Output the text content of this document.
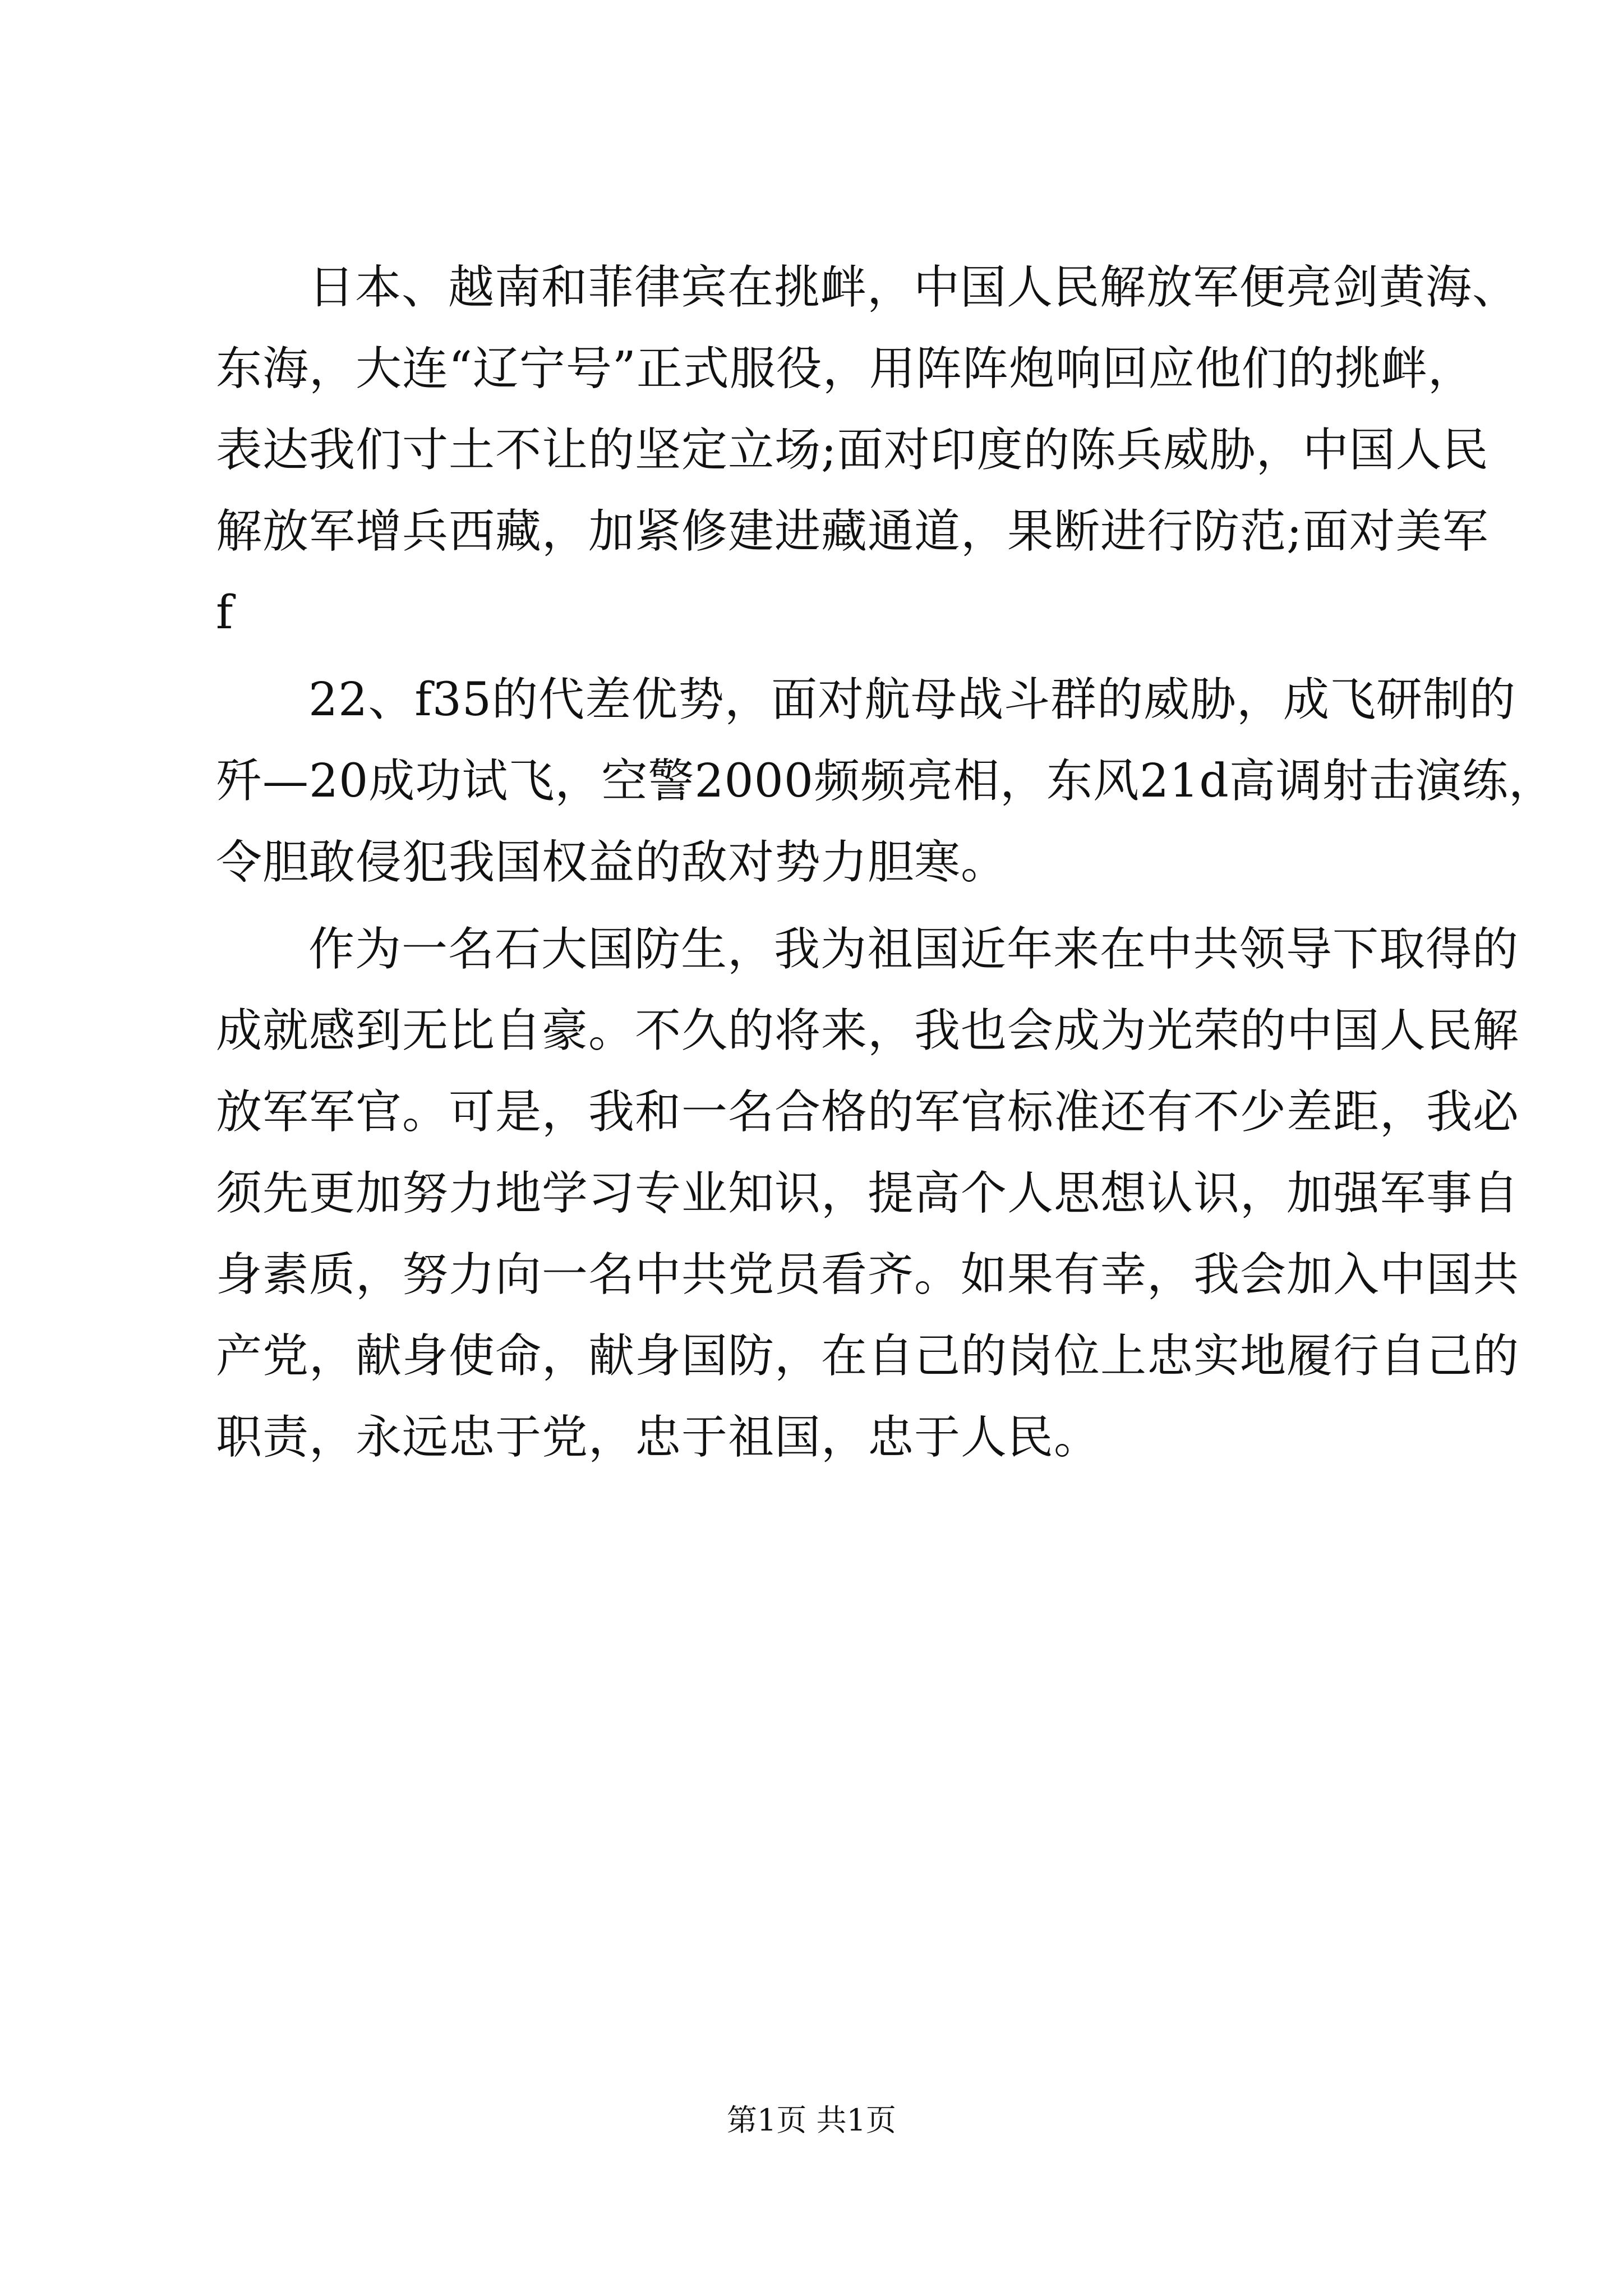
日本、越南和菲律宾在挑衅，中国人民解放军便亮剑黄海、
东海，大连“辽宁号”正式服役，用阵阵炮响回应他们的挑衅，
表达我们寸土不让的坚定立场;面对印度的陈兵威胁，中国人民
解放军增兵西藏，加紧修建进藏通道，果断进行防范;面对美军
f
22、f35的代差优势，面对航母战斗群的威胁，成飞研制的
歼—20成功试飞，空警2000频频亮相，东风21d高调射击演练，
令胆敢侵犯我国权益的敌对势力胆寒。
作为一名石大国防生，我为祖国近年来在中共领导下取得的
成就感到无比自豪。不久的将来，我也会成为光荣的中国人民解
放军军官。可是，我和一名合格的军官标准还有不少差距，我必
须先更加努力地学习专业知识，提高个人思想认识，加强军事自
身素质，努力向一名中共党员看齐。如果有幸，我会加入中国共
产党，献身使命，献身国防，在自己的岗位上忠实地履行自己的
职责，永远忠于党，忠于祖国，忠于人民。
第1页 共1页
